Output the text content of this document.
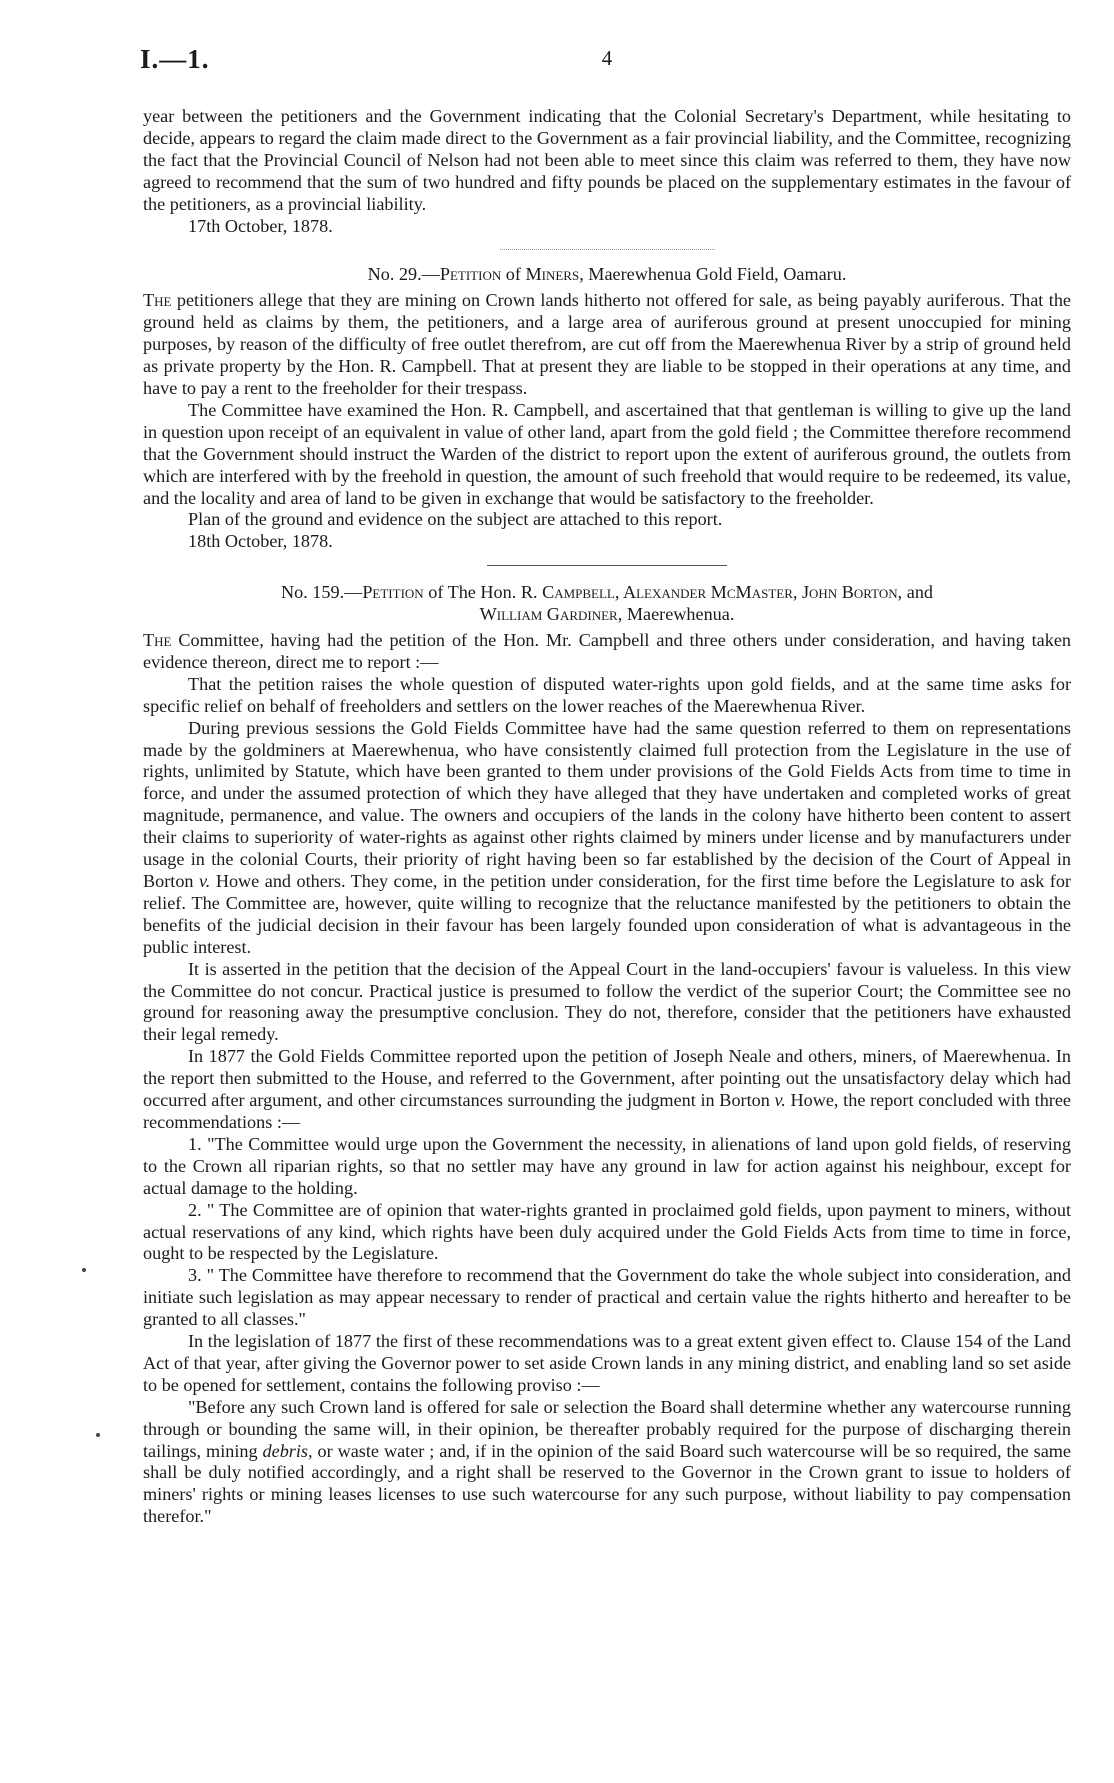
I.—1.	4

year between the petitioners and the Government indicating that the Colonial Secretary's Department, while hesitating to decide, appears to regard the claim made direct to the Government as a fair provincial liability, and the Committee, recognizing the fact that the Provincial Council of Nelson had not been able to meet since this claim was referred to them, they have now agreed to recommend that the sum of two hundred and fifty pounds be placed on the supplementary estimates in the favour of the petitioners, as a provincial liability.

17th October, 1878.

No. 29.—Petition of Miners, Maerewhenua Gold Field, Oamaru.

The petitioners allege that they are mining on Crown lands hitherto not offered for sale, as being payably auriferous. That the ground held as claims by them, the petitioners, and a large area of auriferous ground at present unoccupied for mining purposes, by reason of the difficulty of free outlet therefrom, are cut off from the Maerewhenua River by a strip of ground held as private property by the Hon. R. Campbell. That at present they are liable to be stopped in their operations at any time, and have to pay a rent to the freeholder for their trespass.

The Committee have examined the Hon. R. Campbell, and ascertained that that gentleman is willing to give up the land in question upon receipt of an equivalent in value of other land, apart from the gold field ; the Committee therefore recommend that the Government should instruct the Warden of the district to report upon the extent of auriferous ground, the outlets from which are interfered with by the freehold in question, the amount of such freehold that would require to be redeemed, its value, and the locality and area of land to be given in exchange that would be satisfactory to the freeholder.

Plan of the ground and evidence on the subject are attached to this report.

18th October, 1878.

No. 159.—Petition of The Hon. R. Campbell, Alexander McMaster, John Borton, and
William Gardiner, Maerewhenua.

The Committee, having had the petition of the Hon. Mr. Campbell and three others under consideration, and having taken evidence thereon, direct me to report :—

That the petition raises the whole question of disputed water-rights upon gold fields, and at the same time asks for specific relief on behalf of freeholders and settlers on the lower reaches of the Maerewhenua River.

During previous sessions the Gold Fields Committee have had the same question referred to them on representations made by the goldminers at Maerewhenua, who have consistently claimed full protection from the Legislature in the use of rights, unlimited by Statute, which have been granted to them under provisions of the Gold Fields Acts from time to time in force, and under the assumed protection of which they have alleged that they have undertaken and completed works of great magnitude, permanence, and value. The owners and occupiers of the lands in the colony have hitherto been content to assert their claims to superiority of water-rights as against other rights claimed by miners under license and by manufacturers under usage in the colonial Courts, their priority of right having been so far established by the decision of the Court of Appeal in Borton v. Howe and others. They come, in the petition under consideration, for the first time before the Legislature to ask for relief. The Committee are, however, quite willing to recognize that the reluctance manifested by the petitioners to obtain the benefits of the judicial decision in their favour has been largely founded upon consideration of what is advantageous in the public interest.

It is asserted in the petition that the decision of the Appeal Court in the land-occupiers' favour is valueless. In this view the Committee do not concur. Practical justice is presumed to follow the verdict of the superior Court; the Committee see no ground for reasoning away the presumptive conclusion. They do not, therefore, consider that the petitioners have exhausted their legal remedy.

In 1877 the Gold Fields Committee reported upon the petition of Joseph Neale and others, miners, of Maerewhenua. In the report then submitted to the House, and referred to the Government, after pointing out the unsatisfactory delay which had occurred after argument, and other circumstances surrounding the judgment in Borton v. Howe, the report concluded with three recommendations :—

1. "The Committee would urge upon the Government the necessity, in alienations of land upon gold fields, of reserving to the Crown all riparian rights, so that no settler may have any ground in law for action against his neighbour, except for actual damage to the holding.

2. " The Committee are of opinion that water-rights granted in proclaimed gold fields, upon payment to miners, without actual reservations of any kind, which rights have been duly acquired under the Gold Fields Acts from time to time in force, ought to be respected by the Legislature.

3. " The Committee have therefore to recommend that the Government do take the whole subject into consideration, and initiate such legislation as may appear necessary to render of practical and certain value the rights hitherto and hereafter to be granted to all classes."

In the legislation of 1877 the first of these recommendations was to a great extent given effect to. Clause 154 of the Land Act of that year, after giving the Governor power to set aside Crown lands in any mining district, and enabling land so set aside to be opened for settlement, contains the following proviso :—

"Before any such Crown land is offered for sale or selection the Board shall determine whether any watercourse running through or bounding the same will, in their opinion, be thereafter probably required for the purpose of discharging therein tailings, mining debris, or waste water ; and, if in the opinion of the said Board such watercourse will be so required, the same shall be duly notified accordingly, and a right shall be reserved to the Governor in the Crown grant to issue to holders of miners' rights or mining leases licenses to use such watercourse for any such purpose, without liability to pay compensation therefor."
